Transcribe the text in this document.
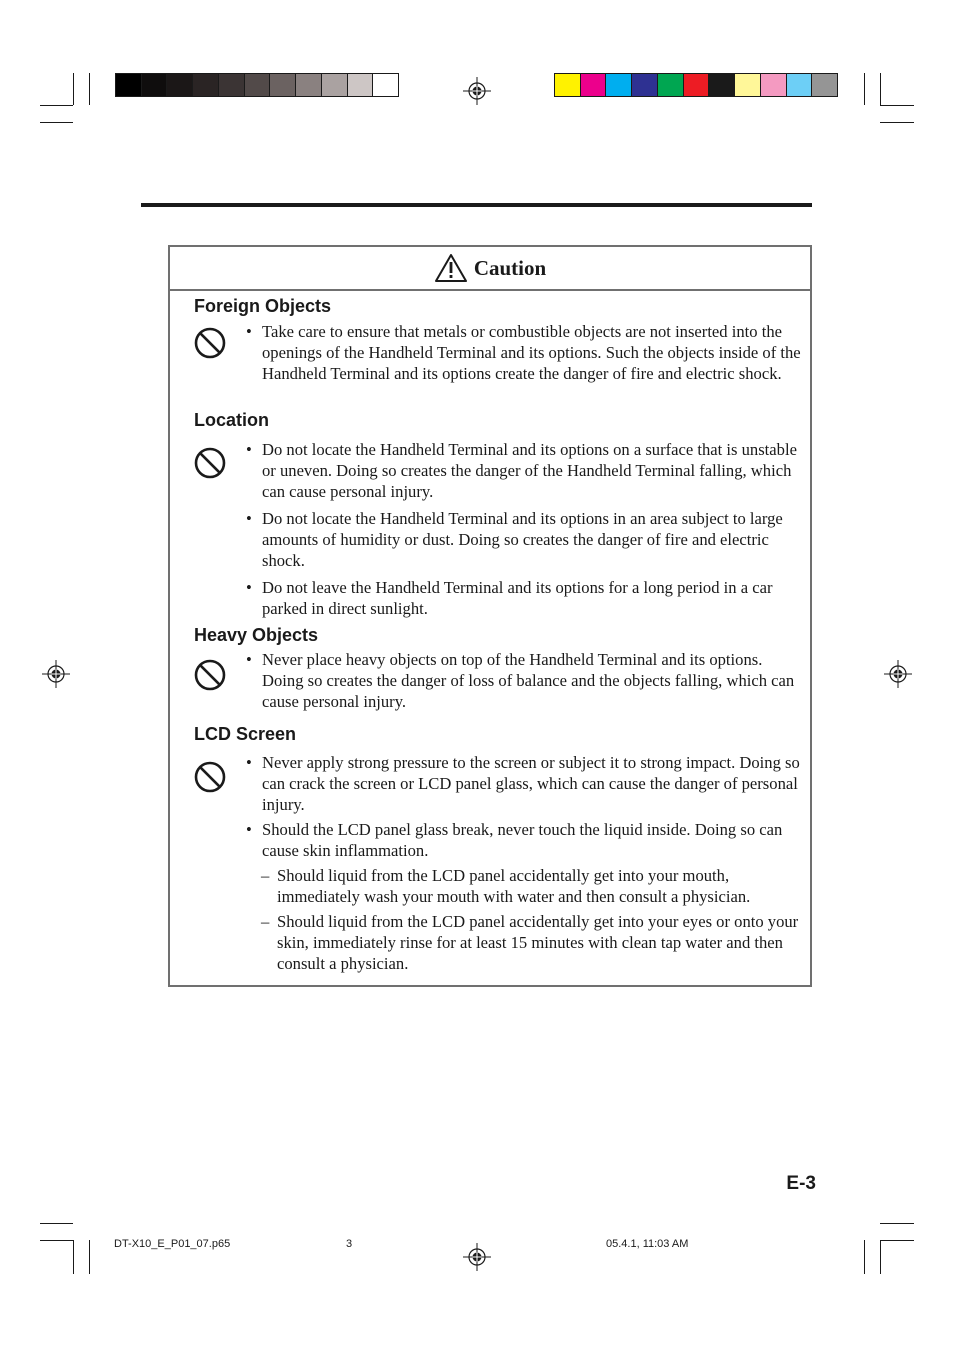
Caution
Foreign Objects
• Take care to ensure that metals or combustible objects are not inserted into the openings of the Handheld Terminal and its options. Such the objects inside of the Handheld Terminal and its options create the danger of fire and electric shock.
Location
• Do not locate the Handheld Terminal and its options on a surface that is unstable or uneven. Doing so creates the danger of the Handheld Terminal falling, which can cause personal injury.
• Do not locate the Handheld Terminal and its options in an area subject to large amounts of humidity or dust. Doing so creates the danger of fire and electric shock.
• Do not leave the Handheld Terminal and its options for a long period in a car parked in direct sunlight.
Heavy Objects
• Never place heavy objects on top of the Handheld Terminal and its options. Doing so creates the danger of loss of balance and the objects falling, which can cause personal injury.
LCD Screen
• Never apply strong pressure to the screen or subject it to strong impact. Doing so can crack the screen or LCD panel glass, which can cause the danger of personal injury.
• Should the LCD panel glass break, never touch the liquid inside. Doing so can cause skin inflammation.
– Should liquid from the LCD panel accidentally get into your mouth, immediately wash your mouth with water and then consult a physician.
– Should liquid from the LCD panel accidentally get into your eyes or onto your skin, immediately rinse for at least 15 minutes with clean tap water and then consult a physician.
E-3
DT-X10_E_P01_07.p65	3	05.4.1, 11:03 AM
